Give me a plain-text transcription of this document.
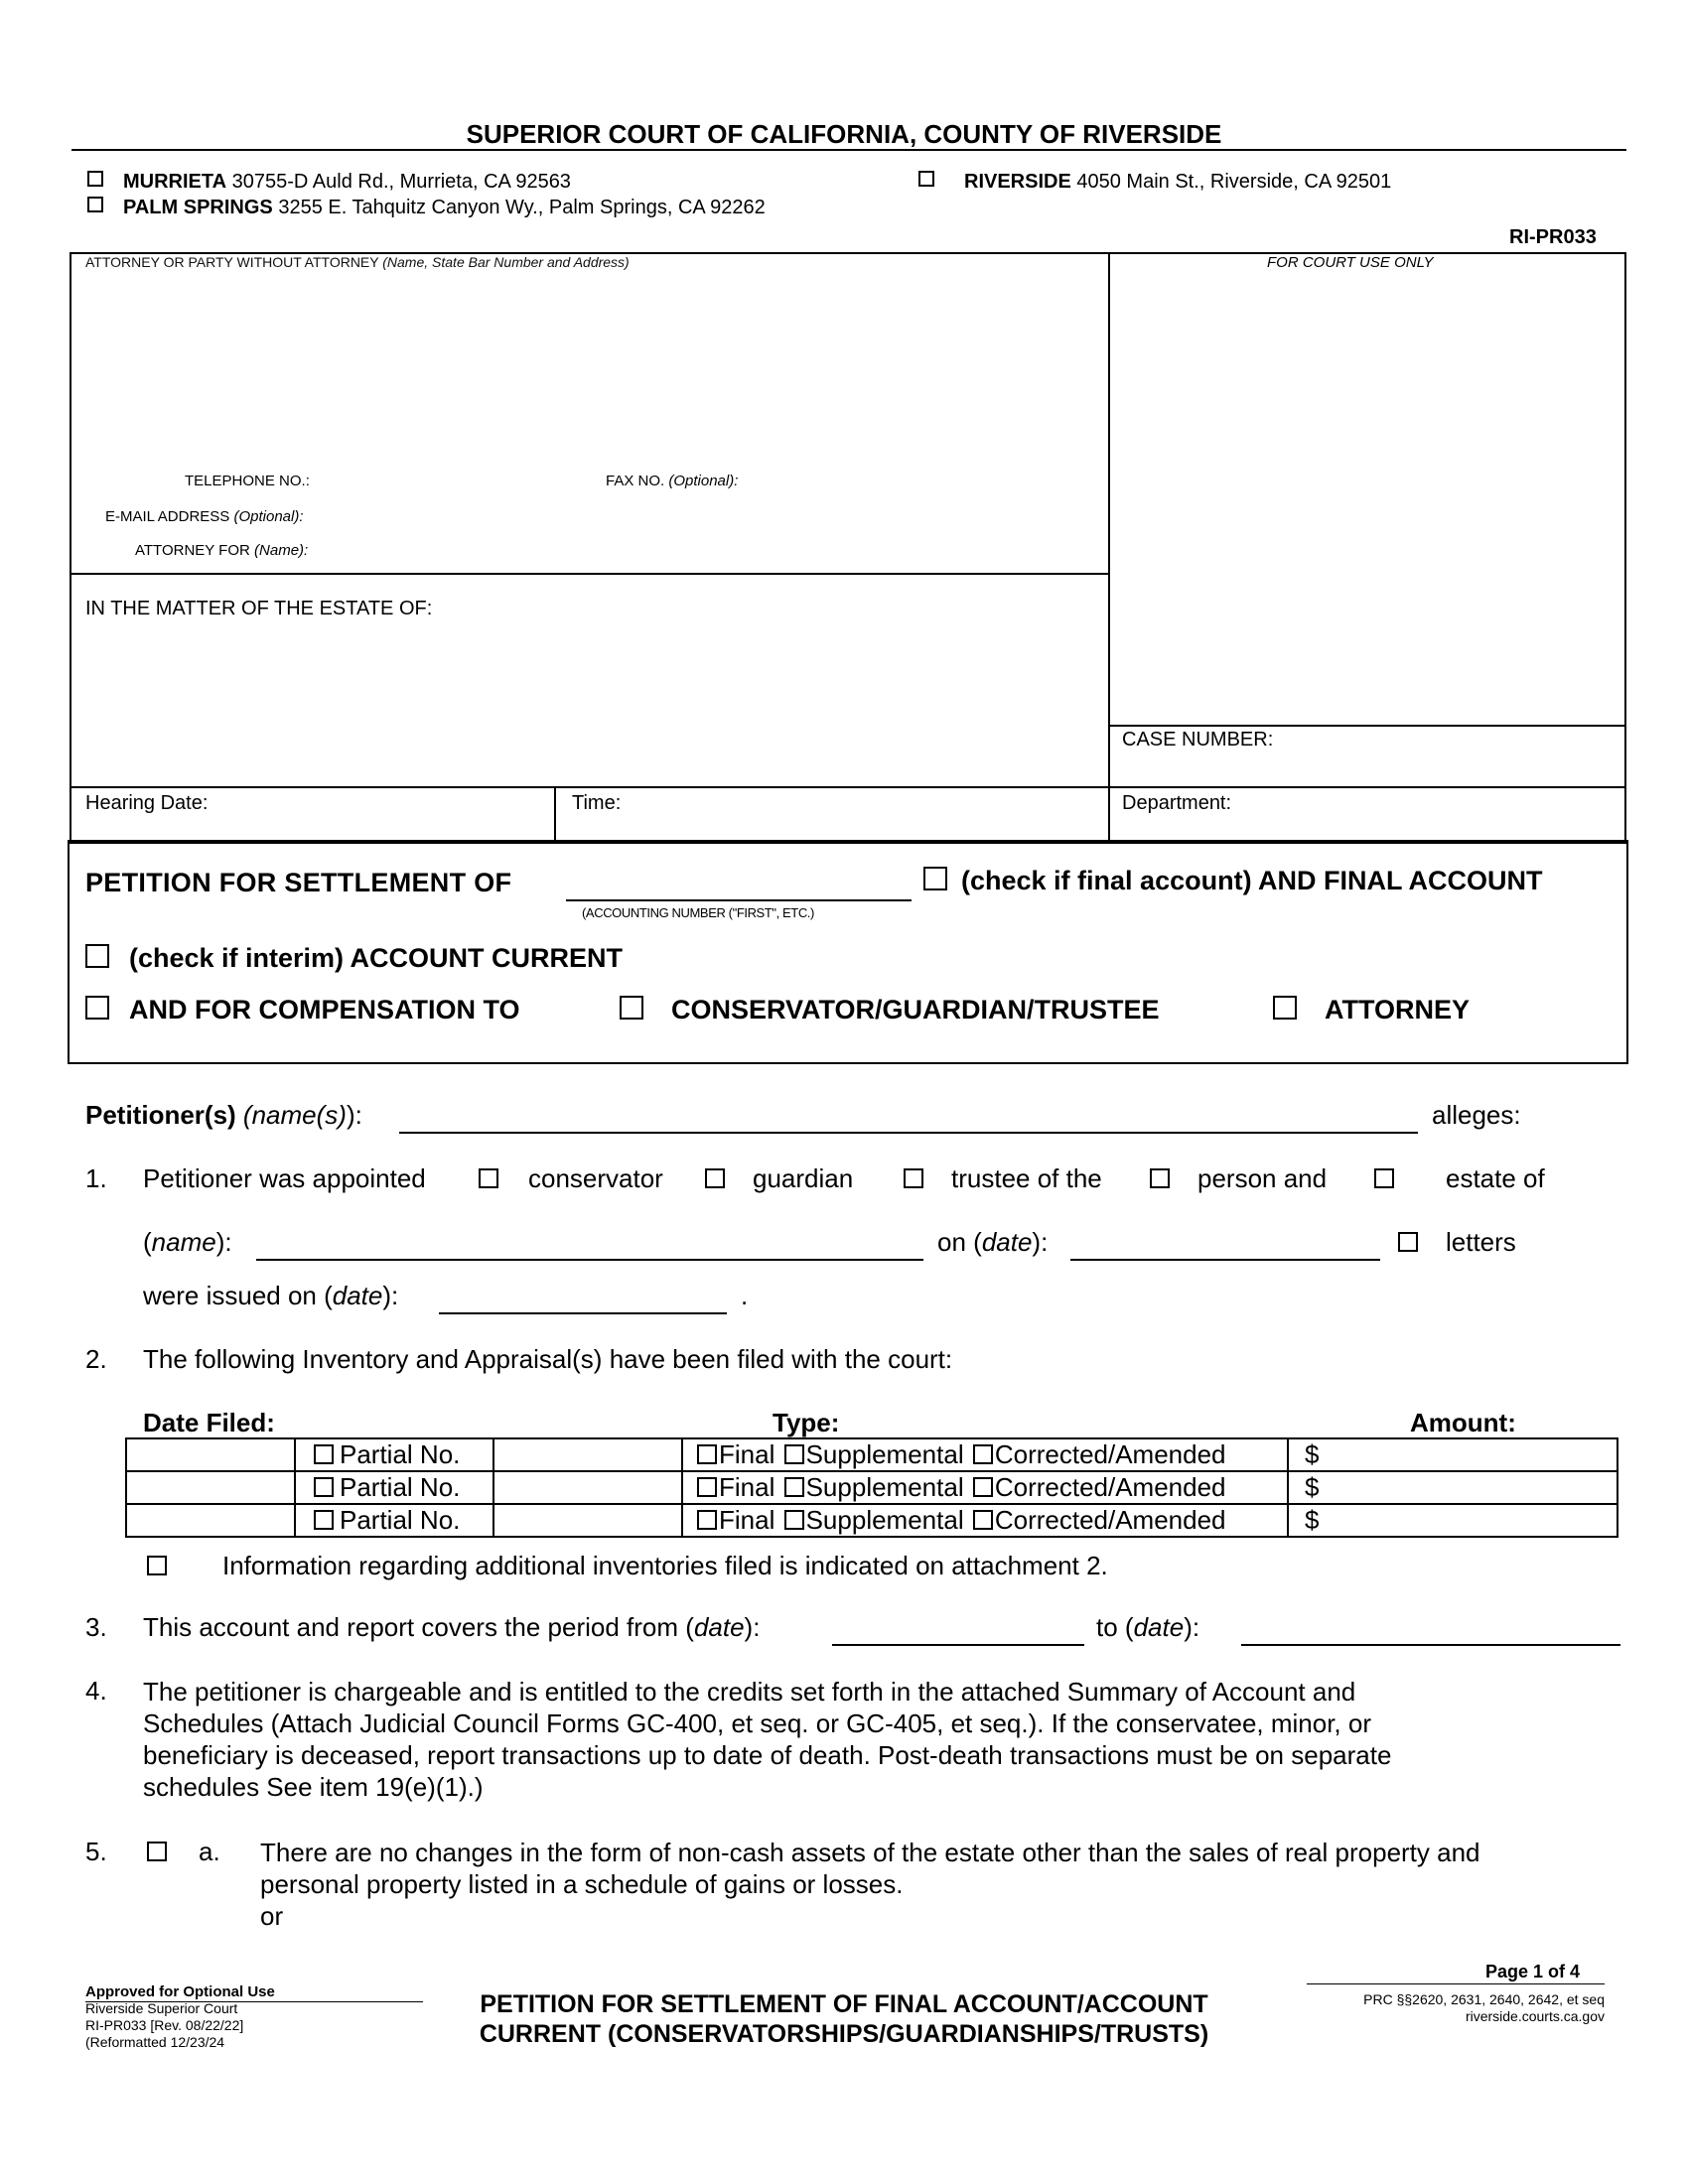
SUPERIOR COURT OF CALIFORNIA, COUNTY OF RIVERSIDE
MURRIETA 30755-D Auld Rd., Murrieta, CA 92563	RIVERSIDE 4050 Main St., Riverside, CA 92501
PALM SPRINGS 3255 E. Tahquitz Canyon Wy., Palm Springs, CA 92262
RI-PR033
ATTORNEY OR PARTY WITHOUT ATTORNEY (Name, State Bar Number and Address)	FOR COURT USE ONLY
TELEPHONE NO.:	FAX NO. (Optional):
E-MAIL ADDRESS (Optional):
ATTORNEY FOR (Name):
IN THE MATTER OF THE ESTATE OF:
CASE NUMBER:
Hearing Date:	Time:	Department:
PETITION FOR SETTLEMENT OF
(ACCOUNTING NUMBER ("FIRST", ETC.)
(check if final account) AND FINAL ACCOUNT
(check if interim) ACCOUNT CURRENT
AND FOR COMPENSATION TO	CONSERVATOR/GUARDIAN/TRUSTEE	ATTORNEY
Petitioner(s) (name(s)):	alleges:
1. Petitioner was appointed	conservator	guardian	trustee of the	person and	estate of
(name):	on (date):	letters
were issued on (date):	.
2. The following Inventory and Appraisal(s) have been filed with the court:
Date Filed:	Type:	Amount:
	Partial No.		Final Supplemental Corrected/Amended	$
	Partial No.		Final Supplemental Corrected/Amended	$
	Partial No.		Final Supplemental Corrected/Amended	$
Information regarding additional inventories filed is indicated on attachment 2.
3. This account and report covers the period from (date):	to (date):
4. The petitioner is chargeable and is entitled to the credits set forth in the attached Summary of Account and
Schedules (Attach Judicial Council Forms GC-400, et seq. or GC-405, et seq.). If the conservatee, minor, or
beneficiary is deceased, report transactions up to date of death. Post-death transactions must be on separate
schedules See item 19(e)(1).)
5.	a. There are no changes in the form of non-cash assets of the estate other than the sales of real property and
personal property listed in a schedule of gains or losses.
or
Page 1 of 4
Approved for Optional Use
Riverside Superior Court
RI-PR033 [Rev. 08/22/22]
(Reformatted 12/23/24
PETITION FOR SETTLEMENT OF FINAL ACCOUNT/ACCOUNT
CURRENT (CONSERVATORSHIPS/GUARDIANSHIPS/TRUSTS)
PRC §§2620, 2631, 2640, 2642, et seq
riverside.courts.ca.gov
